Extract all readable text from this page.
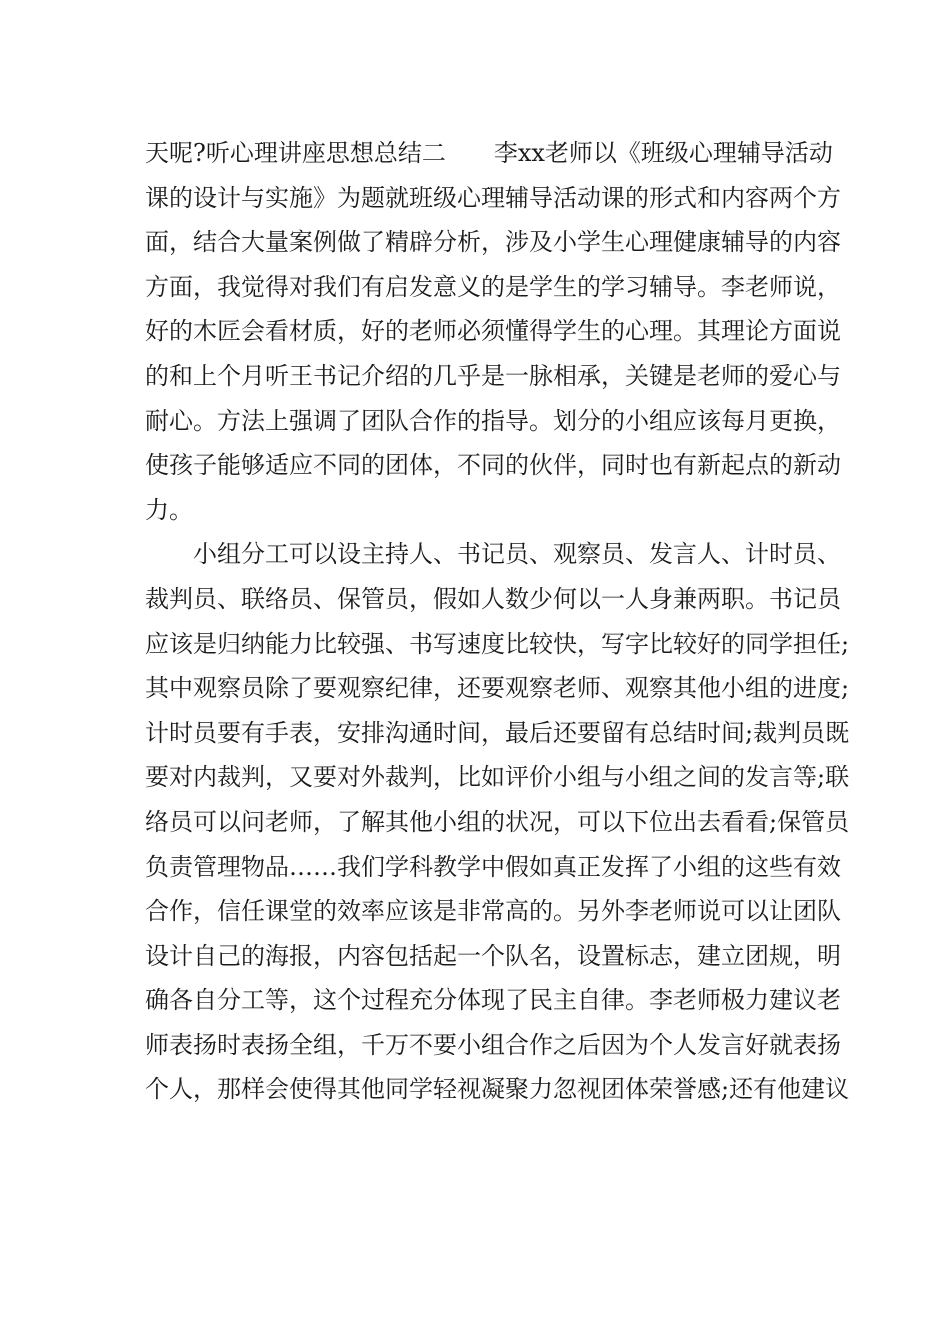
天呢?听心理讲座思想总结二　　李xx老师以《班级心理辅导活动
课的设计与实施》为题就班级心理辅导活动课的形式和内容两个方
面，结合大量案例做了精辟分析，涉及小学生心理健康辅导的内容
方面，我觉得对我们有启发意义的是学生的学习辅导。李老师说，
好的木匠会看材质，好的老师必须懂得学生的心理。其理论方面说
的和上个月听王书记介绍的几乎是一脉相承，关键是老师的爱心与
耐心。方法上强调了团队合作的指导。划分的小组应该每月更换，
使孩子能够适应不同的团体，不同的伙伴，同时也有新起点的新动
力。
小组分工可以设主持人、书记员、观察员、发言人、计时员、
裁判员、联络员、保管员，假如人数少何以一人身兼两职。书记员
应该是归纳能力比较强、书写速度比较快，写字比较好的同学担任;
其中观察员除了要观察纪律，还要观察老师、观察其他小组的进度;
计时员要有手表，安排沟通时间，最后还要留有总结时间;裁判员既
要对内裁判，又要对外裁判，比如评价小组与小组之间的发言等;联
络员可以问老师，了解其他小组的状况，可以下位出去看看;保管员
负责管理物品……我们学科教学中假如真正发挥了小组的这些有效
合作，信任课堂的效率应该是非常高的。另外李老师说可以让团队
设计自己的海报，内容包括起一个队名，设置标志，建立团规，明
确各自分工等，这个过程充分体现了民主自律。李老师极力建议老
师表扬时表扬全组，千万不要小组合作之后因为个人发言好就表扬
个人，那样会使得其他同学轻视凝聚力忽视团体荣誉感;还有他建议
